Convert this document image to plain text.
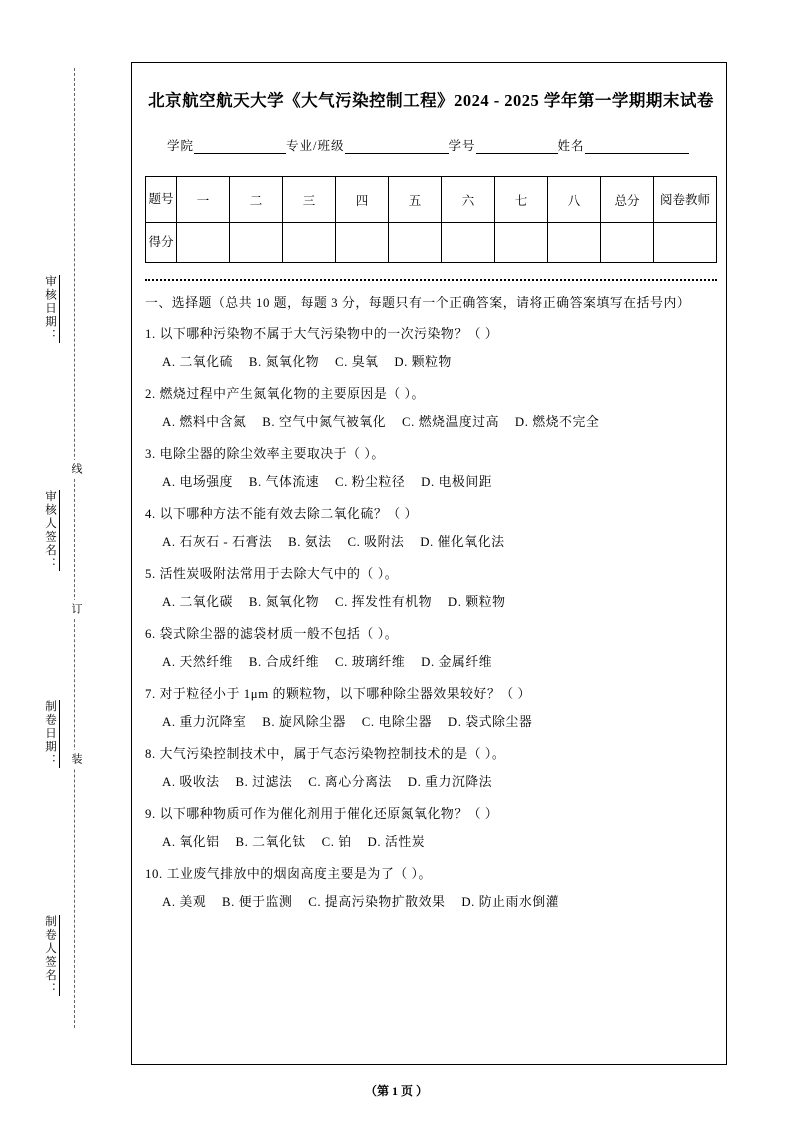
审核日期：
审核人签名：
制卷日期：
制卷人签名：
线
订
装
北京航空航天大学《大气污染控制工程》2024 - 2025 学年第一学期期末试卷
学院	专业/班级	学号	姓名
题号	一	二	三	四	五	六	七	八	总分	阅卷教师
得分										
一、选择题（总共 10 题，每题 3 分，每题只有一个正确答案，请将正确答案填写在括号内）
1. 以下哪种污染物不属于大气污染物中的一次污染物？（ ）
A. 二氧化硫 B. 氮氧化物 C. 臭氧 D. 颗粒物
2. 燃烧过程中产生氮氧化物的主要原因是（ ）。
A. 燃料中含氮 B. 空气中氮气被氧化 C. 燃烧温度过高 D. 燃烧不完全
3. 电除尘器的除尘效率主要取决于（ ）。
A. 电场强度 B. 气体流速 C. 粉尘粒径 D. 电极间距
4. 以下哪种方法不能有效去除二氧化硫？（ ）
A. 石灰石 - 石膏法 B. 氨法 C. 吸附法 D. 催化氧化法
5. 活性炭吸附法常用于去除大气中的（ ）。
A. 二氧化碳 B. 氮氧化物 C. 挥发性有机物 D. 颗粒物
6. 袋式除尘器的滤袋材质一般不包括（ ）。
A. 天然纤维 B. 合成纤维 C. 玻璃纤维 D. 金属纤维
7. 对于粒径小于 1μm 的颗粒物，以下哪种除尘器效果较好？（ ）
A. 重力沉降室 B. 旋风除尘器 C. 电除尘器 D. 袋式除尘器
8. 大气污染控制技术中，属于气态污染物控制技术的是（ ）。
A. 吸收法 B. 过滤法 C. 离心分离法 D. 重力沉降法
9. 以下哪种物质可作为催化剂用于催化还原氮氧化物？（ ）
A. 氧化铝 B. 二氧化钛 C. 铂 D. 活性炭
10. 工业废气排放中的烟囱高度主要是为了（ ）。
A. 美观 B. 便于监测 C. 提高污染物扩散效果 D. 防止雨水倒灌
（第 1 页 ）
